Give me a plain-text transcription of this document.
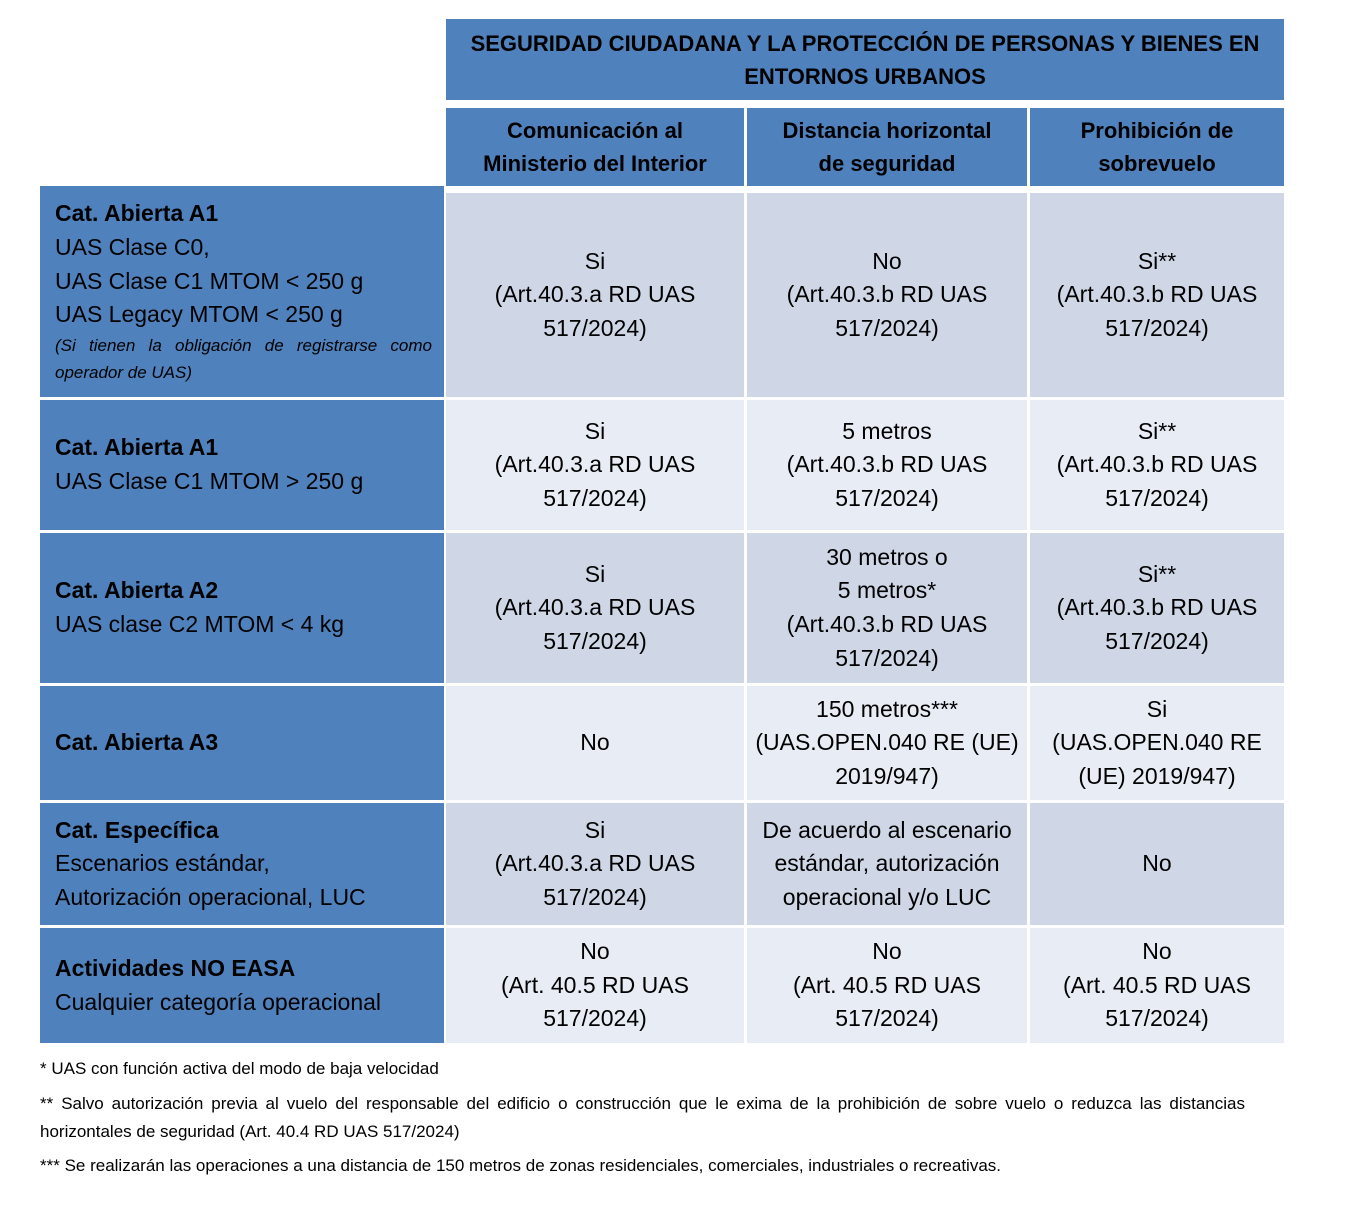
SEGURIDAD CIUDADANA Y LA PROTECCIÓN DE PERSONAS Y BIENES EN
ENTORNOS URBANOS
Comunicación al
Ministerio del Interior
Distancia horizontal
de seguridad
Prohibición de
sobrevuelo
Cat. Abierta A1
UAS Clase C0,
UAS Clase C1 MTOM < 250 g
UAS Legacy MTOM < 250 g
(Si tienen la obligación de registrarse como operador de UAS)
Si
(Art.40.3.a RD UAS
517/2024)
No
(Art.40.3.b RD UAS
517/2024)
Si**
(Art.40.3.b RD UAS
517/2024)
Cat. Abierta A1
UAS Clase C1 MTOM > 250 g
Si
(Art.40.3.a RD UAS
517/2024)
5 metros
(Art.40.3.b RD UAS
517/2024)
Si**
(Art.40.3.b RD UAS
517/2024)
Cat. Abierta A2
UAS clase C2 MTOM < 4 kg
Si
(Art.40.3.a RD UAS
517/2024)
30 metros o
5 metros*
(Art.40.3.b RD UAS
517/2024)
Si**
(Art.40.3.b RD UAS
517/2024)
Cat. Abierta A3	No
150 metros***
(UAS.OPEN.040 RE (UE)
2019/947)
Si
(UAS.OPEN.040 RE
(UE) 2019/947)
Cat. Específica
Escenarios estándar,
Autorización operacional, LUC
Si
(Art.40.3.a RD UAS
517/2024)
De acuerdo al escenario
estándar, autorización
operacional y/o LUC
No
Actividades NO EASA
Cualquier categoría operacional
No
(Art. 40.5 RD UAS
517/2024)
No
(Art. 40.5 RD UAS
517/2024)
No
(Art. 40.5 RD UAS
517/2024)
* UAS con función activa del modo de baja velocidad
** Salvo autorización previa al vuelo del responsable del edificio o construcción que le exima de la prohibición de sobre vuelo o reduzca las distancias horizontales de seguridad (Art. 40.4 RD UAS 517/2024)
*** Se realizarán las operaciones a una distancia de 150 metros de zonas residenciales, comerciales, industriales o recreativas.
